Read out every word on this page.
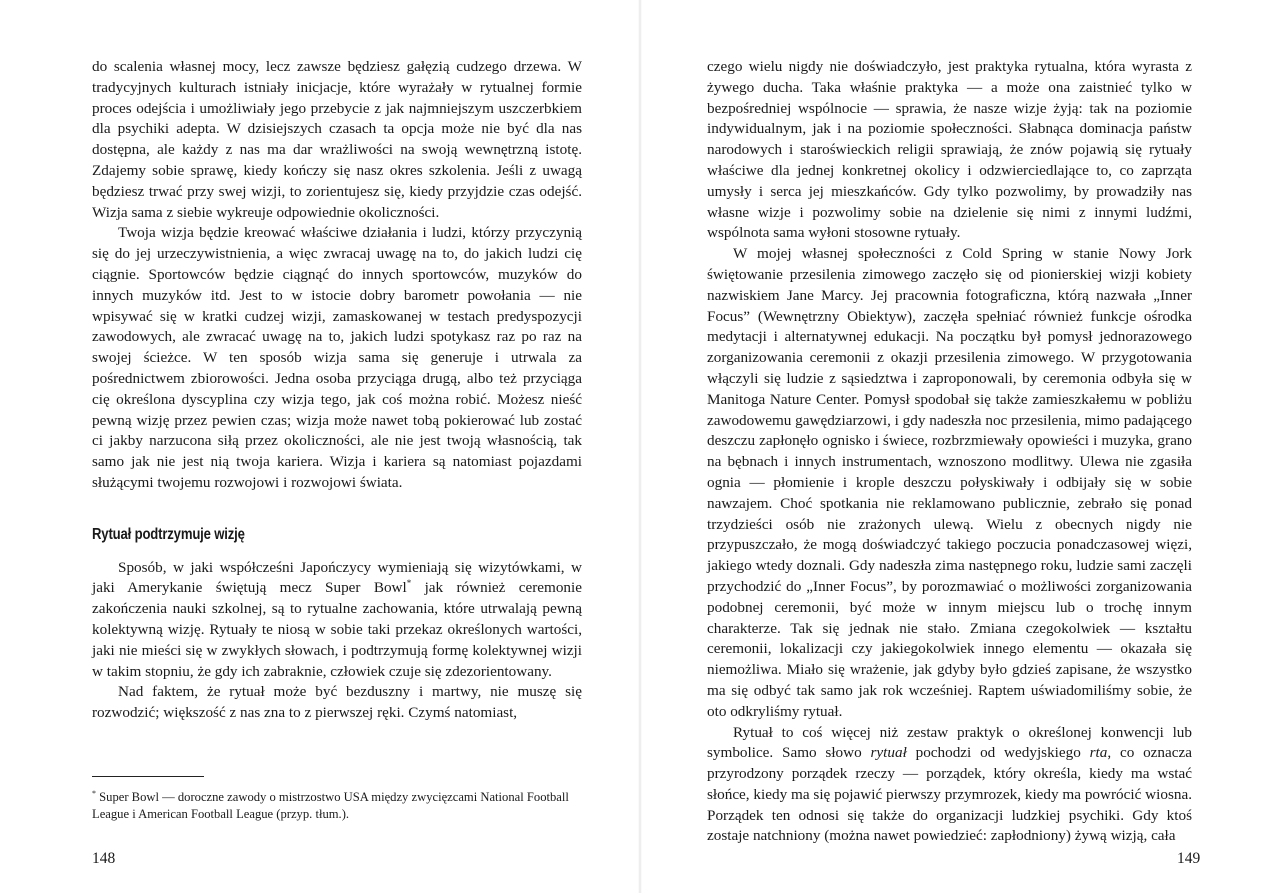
do scalenia własnej mocy, lecz zawsze będziesz gałęzią cudzego drzewa. W tradycyjnych kulturach istniały inicjacje, które wyrażały w rytualnej formie proces odejścia i umożliwiały jego przebycie z jak najmniejszym uszczerbkiem dla psychiki adepta. W dzisiejszych czasach ta opcja może nie być dla nas dostępna, ale każdy z nas ma dar wrażliwości na swoją wewnętrzną istotę. Zdajemy sobie sprawę, kiedy kończy się nasz okres szkolenia. Jeśli z uwagą będziesz trwać przy swej wizji, to zorientujesz się, kiedy przyjdzie czas odejść. Wizja sama z siebie wykreuje odpowiednie okoliczności.

Twoja wizja będzie kreować właściwe działania i ludzi, którzy przyczynią się do jej urzeczywistnienia, a więc zwracaj uwagę na to, do jakich ludzi cię ciągnie. Sportowców będzie ciągnąć do innych sportowców, muzyków do innych muzyków itd. Jest to w istocie dobry barometr powołania — nie wpisywać się w kratki cudzej wizji, zamaskowanej w testach predyspozycji zawodowych, ale zwracać uwagę na to, jakich ludzi spotykasz raz po raz na swojej ścieżce. W ten sposób wizja sama się generuje i utrwala za pośrednictwem zbiorowości. Jedna osoba przyciąga drugą, albo też przyciąga cię określona dyscyplina czy wizja tego, jak coś można robić. Możesz nieść pewną wizję przez pewien czas; wizja może nawet tobą pokierować lub zostać ci jakby narzucona siłą przez okoliczności, ale nie jest twoją własnością, tak samo jak nie jest nią twoja kariera. Wizja i kariera są natomiast pojazdami służącymi twojemu rozwojowi i rozwojowi świata.

Rytuał podtrzymuje wizję

Sposób, w jaki współcześni Japończycy wymieniają się wizytówkami, w jaki Amerykanie świętują mecz Super Bowl* jak również ceremonie zakończenia nauki szkolnej, są to rytualne zachowania, które utrwalają pewną kolektywną wizję. Rytuały te niosą w sobie taki przekaz określonych wartości, jaki nie mieści się w zwykłych słowach, i podtrzymują formę kolektywnej wizji w takim stopniu, że gdy ich zabraknie, człowiek czuje się zdezorientowany.

Nad faktem, że rytuał może być bezduszny i martwy, nie muszę się rozwodzić; większość z nas zna to z pierwszej ręki. Czymś natomiast,

* Super Bowl — doroczne zawody o mistrzostwo USA między zwycięzcami National Football League i American Football League (przyp. tłum.).
148

czego wielu nigdy nie doświadczyło, jest praktyka rytualna, która wyrasta z żywego ducha. Taka właśnie praktyka — a może ona zaistnieć tylko w bezpośredniej wspólnocie — sprawia, że nasze wizje żyją: tak na poziomie indywidualnym, jak i na poziomie społeczności. Słabnąca dominacja państw narodowych i staroświeckich religii sprawiają, że znów pojawią się rytuały właściwe dla jednej konkretnej okolicy i odzwierciedlające to, co zaprząta umysły i serca jej mieszkańców. Gdy tylko pozwolimy, by prowadziły nas własne wizje i pozwolimy sobie na dzielenie się nimi z innymi ludźmi, wspólnota sama wyłoni stosowne rytuały.

W mojej własnej społeczności z Cold Spring w stanie Nowy Jork świętowanie przesilenia zimowego zaczęło się od pionierskiej wizji kobiety nazwiskiem Jane Marcy. Jej pracownia fotograficzna, którą nazwała „Inner Focus” (Wewnętrzny Obiektyw), zaczęła spełniać również funkcje ośrodka medytacji i alternatywnej edukacji. Na początku był pomysł jednorazowego zorganizowania ceremonii z okazji przesilenia zimowego. W przygotowania włączyli się ludzie z sąsiedztwa i zaproponowali, by ceremonia odbyła się w Manitoga Nature Center. Pomysł spodobał się także zamieszkałemu w pobliżu zawodowemu gawędziarzowi, i gdy nadeszła noc przesilenia, mimo padającego deszczu zapłonęło ognisko i świece, rozbrzmiewały opowieści i muzyka, grano na bębnach i innych instrumentach, wznoszono modlitwy. Ulewa nie zgasiła ognia — płomienie i krople deszczu połyskiwały i odbijały się w sobie nawzajem. Choć spotkania nie reklamowano publicznie, zebrało się ponad trzydzieści osób nie zrażonych ulewą. Wielu z obecnych nigdy nie przypuszczało, że mogą doświadczyć takiego poczucia ponadczasowej więzi, jakiego wtedy doznali. Gdy nadeszła zima następnego roku, ludzie sami zaczęli przychodzić do „Inner Focus”, by porozmawiać o możliwości zorganizowania podobnej ceremonii, być może w innym miejscu lub o trochę innym charakterze. Tak się jednak nie stało. Zmiana czegokolwiek — kształtu ceremonii, lokalizacji czy jakiegokolwiek innego elementu — okazała się niemożliwa. Miało się wrażenie, jak gdyby było gdzieś zapisane, że wszystko ma się odbyć tak samo jak rok wcześniej. Raptem uświadomiliśmy sobie, że oto odkryliśmy rytuał.

Rytuał to coś więcej niż zestaw praktyk o określonej konwencji lub symbolice. Samo słowo rytuał pochodzi od wedyjskiego rta, co oznacza przyrodzony porządek rzeczy — porządek, który określa, kiedy ma wstać słońce, kiedy ma się pojawić pierwszy przymrozek, kiedy ma powrócić wiosna. Porządek ten odnosi się także do organizacji ludzkiej psychiki. Gdy ktoś zostaje natchniony (można nawet powiedzieć: zapłodniony) żywą wizją, cała

149
